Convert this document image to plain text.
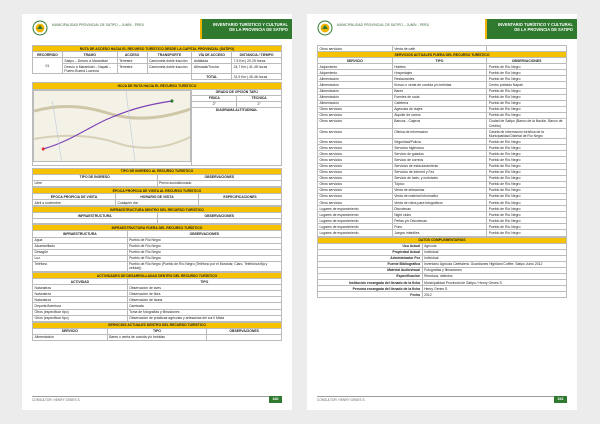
MUNICIPALIDAD PROVINCIAL DE SATIPO – JUNÍN - PERÚ	INVENTARIO TURÍSTICO Y CULTURAL
DE LA PROVINCIA DE SATIPO
RUTA DE ACCESO HACIA EL RECURSO TURÍSTICO DESDE LA CAPITAL PROVINCIAL (SATIPO)					
RECORRIDO	TRAMO	ACCESO	TRANSPORTE	VÍA DE ACCESO	DISTANCIA / TIEMPO
01	Satipo – Desvío a Marankiari	Terrestre	Camioneta doble tracción	Asfaltada	7,5 Km | 20-25 horas
	Desvío a Marankiari – Napati – Puerto Buena Lucrecia	Terrestre	Camioneta doble tracción	Afirmada/Trocha	24,7 Km | 41-45 horas
				TOTAL	31,9 Km | 45-46 horas
HOJA DE RUTA HACIA EL RECURSO TURÍSTICO		

	GRADO DE OPCIÓN TARJ	
	FÍSICA	TÉCNICA
	2°	2°

	DIAGRAMA ALTITUDINAL	
TIPO DE INGRESO AL RECURSO TURÍSTICO	
TIPO DE INGRESO	OBSERVACIONES
Libre	Previo acondicionado
ÉPOCA PROPICIA DE VISITA AL RECURSO TURÍSTICO		
ÉPOCA PROPICIA DE VISITA	HORARIO DE VISITA	ESPECIFICACIONES
Abril a noviembre	Cualquier día	
INFRAESTRUCTURA DENTRO DEL RECURSO TURÍSTICO	
INFRAESTRUCTURA	OBSERVACIONES

INFRAESTRUCTURA FUERA DEL RECURSO TURÍSTICO	
INFRAESTRUCTURA	OBSERVACIONES
Agua	Pueblo de Río Negro
Alcantarillado	Pueblo de Río Negro
Desagüe	Pueblo de Río Negro
Luz	Pueblo de Río Negro
Teléfono	Pueblo de Río Negro (Pueblo de Río Negro (Teléfono por el Movistar, Claro, Telefónica fija y celular))
ACTIVIDADES DE DESARROLLADAS DENTRO DEL RECURSO TURÍSTICO	
ACTIVIDAD	TIPO
Naturaleza	Observación de aves
Naturaleza	Observación de flora
Naturaleza	Observación de fauna
Deporte/Aventura	Caminata
Otros (especificar tipo)	Toma de fotografías y filmaciones
Otros (especificar tipo)	Observación de prácticas agrícolas y artesanías del sur ll Mista
SERVICIOS ACTUALES DENTRO DEL RECURSO TURÍSTICO		
SERVICIO	TIPO	OBSERVACIONES
Alimentación	Bares o venta de comida y/o bebidas	
CONSULTOR: HENRY GENES S.	340
MUNICIPALIDAD PROVINCIAL DE SATIPO – JUNÍN - PERÚ	INVENTARIO TURÍSTICO Y CULTURAL
DE LA PROVINCIA DE SATIPO
Otros servicios	Venta de café	
SERVICIOS ACTUALES FUERA DEL RECURSO TURÍSTICO		
SERVICIO	TIPO	OBSERVACIONES
Alojamiento	Hoteles	Pueblo de Río Negro
Alojamiento	Hospedajes	Pueblo de Río Negro
Alimentación	Restaurantes	Pueblo de Río Negro
Alimentación	Kiosco o venta de comida y/o bebidas	Centro poblado Napati
Alimentación	Bares	Pueblo de Río Negro
Alimentación	Fuentes de soda	Pueblo de Río Negro
Alimentación	Cafetería	Pueblo de Río Negro
Otros servicios	Agencias de viajes	Pueblo de Río Negro
Otros servicios	Alquiler de carros	Pueblo de Río Negro
Otros servicios	Bancos - Cajeros	Ciudad de Satipo (Banco de la Nación, Banco de Crédito)
Otros servicios	Oficina de información	Caseta de información turística de la Municipalidad Distrital de Río Negro
Otros servicios	Seguridad/Policía	Pueblo de Río Negro
Otros servicios	Servicios higiénicos	Pueblo de Río Negro
Otros servicios	Servicio de guiados	Pueblo de Río Negro
Otros servicios	Servicio de correos	Pueblo de Río Negro
Otros servicios	Servicios de estacionamiento	Pueblo de Río Negro
Otros servicios	Servicios de internet y Fax	Pueblo de Río Negro
Otros servicios	Servicio de taxis, y mototaxis	Pueblo de Río Negro
Otros servicios	Tópico	Pueblo de Río Negro
Otros servicios	Venta de artesanías	Pueblo de Río Negro
Otros servicios	Venta de material informativo	Pueblo de Río Negro
Otros servicios	Venta de rollos para fotográficos	Pueblo de Río Negro
Lugares de esparcimiento	Discotecas	Pueblo de Río Negro
Lugares de esparcimiento	Night clubs	Pueblo de Río Negro
Lugares de esparcimiento	Peñas y/o Discotecas	Pueblo de Río Negro
Lugares de esparcimiento	Pubs	Pueblo de Río Negro
Lugares de esparcimiento	Juegos infantiles	Pueblo de Río Negro
DATOS COMPLEMENTARIOS	
Uso Actual	Agrícola
Propiedad Actual	Individual
Administrador Por	Individual
Fuente Bibliográfica	Inventario Agrícola Cafetalera. Guardianes Highland Coffee. Satipo Junio 2012
Material Audiovisual	Fotografías y filmaciones
Especificación	Residuos, distintos
Institución encargada del llenado de la ficha	Municipalidad Provincial de Satipo / Henry Genes S.
Persona encargada del llenado de la ficha	Henry Genes S.
Fecha	2012
CONSULTOR: HENRY GENES S.	341
